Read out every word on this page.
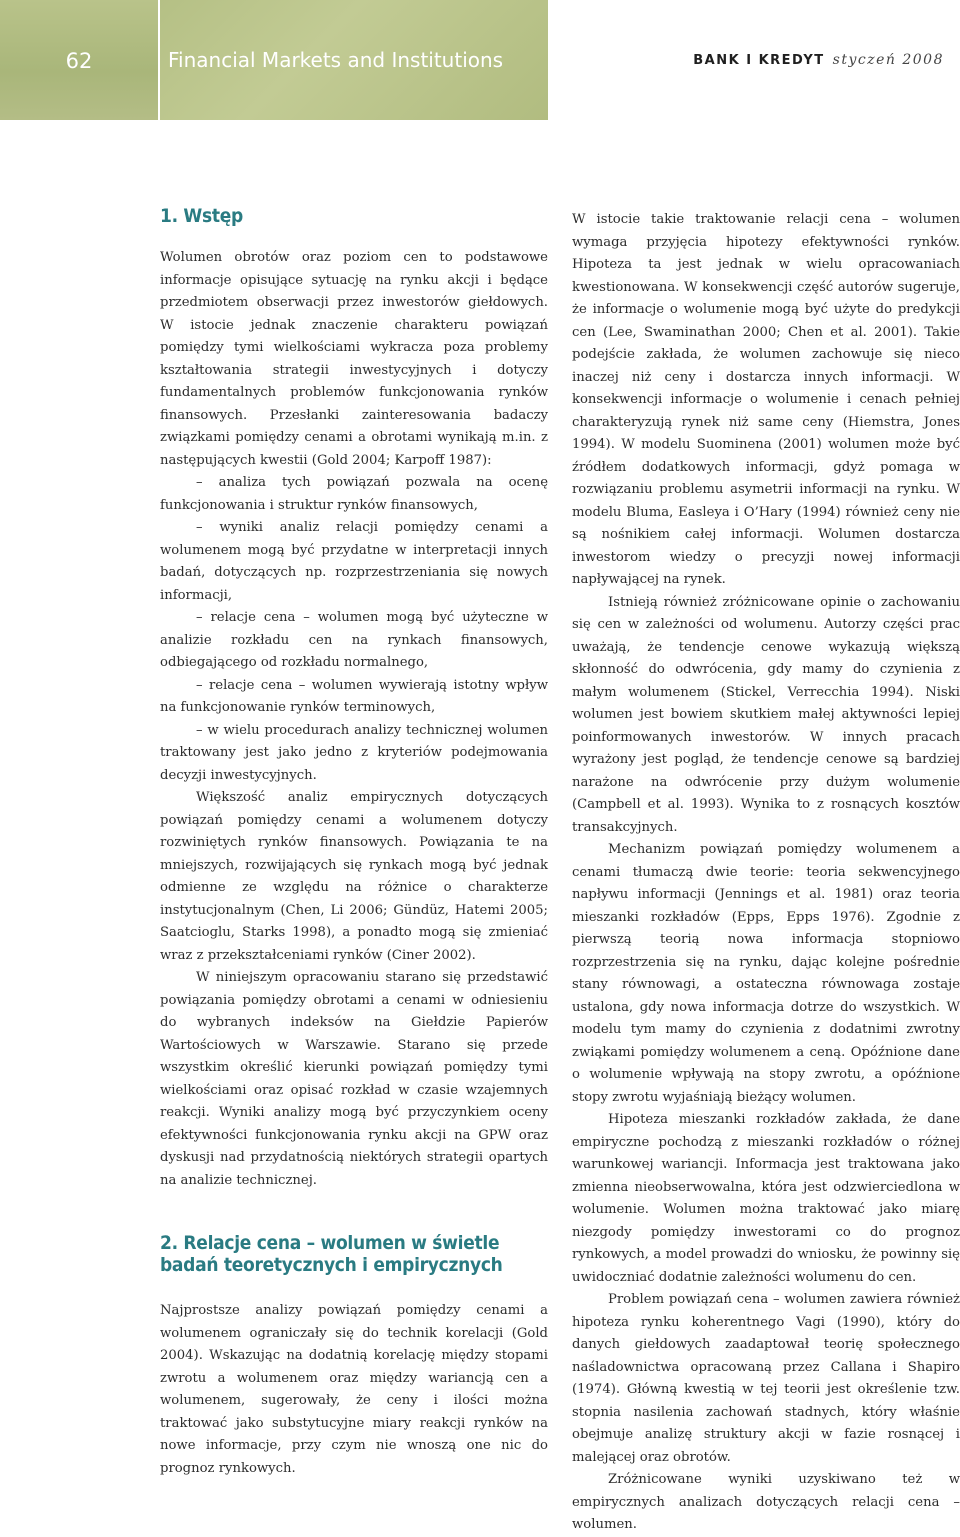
62	Financial Markets and Institutions	BANK I KREDYT styczeń 2008
1. Wstęp

Wolumen obrotów oraz poziom cen to podstawowe informacje opisujące sytuację na rynku akcji i będące przedmiotem obserwacji przez inwestorów giełdowych. W istocie jednak znaczenie charakteru powiązań pomiędzy tymi wielkościami wykracza poza problemy kształtowania strategii inwestycyjnych i dotyczy fundamentalnych problemów funkcjonowania rynków finansowych. Przesłanki zainteresowania badaczy związkami pomiędzy cenami a obrotami wynikają m.in. z następujących kwestii (Gold 2004; Karpoff 1987):

– analiza tych powiązań pozwala na ocenę funkcjonowania i struktur rynków finansowych,

– wyniki analiz relacji pomiędzy cenami a wolumenem mogą być przydatne w interpretacji innych badań, dotyczących np. rozprzestrzeniania się nowych informacji,

– relacje cena – wolumen mogą być użyteczne w analizie rozkładu cen na rynkach finansowych, odbiegającego od rozkładu normalnego,

– relacje cena – wolumen wywierają istotny wpływ na funkcjonowanie rynków terminowych,

– w wielu procedurach analizy technicznej wolumen traktowany jest jako jedno z kryteriów podejmowania decyzji inwestycyjnych.

Większość analiz empirycznych dotyczących powiązań pomiędzy cenami a wolumenem dotyczy rozwiniętych rynków finansowych. Powiązania te na mniejszych, rozwijających się rynkach mogą być jednak odmienne ze względu na różnice o charakterze instytucjonalnym (Chen, Li 2006; Gündüz, Hatemi 2005; Saatcioglu, Starks 1998), a ponadto mogą się zmieniać wraz z przekształceniami rynków (Ciner 2002).

W niniejszym opracowaniu starano się przedstawić powiązania pomiędzy obrotami a cenami w odniesieniu do wybranych indeksów na Giełdzie Papierów Wartościowych w Warszawie. Starano się przede wszystkim określić kierunki powiązań pomiędzy tymi wielkościami oraz opisać rozkład w czasie wzajemnych reakcji. Wyniki analizy mogą być przyczynkiem oceny efektywności funkcjonowania rynku akcji na GPW oraz dyskusji nad przydatnością niektórych strategii opartych na analizie technicznej.

2. Relacje cena – wolumen w świetle badań teoretycznych i empirycznych

Najprostsze analizy powiązań pomiędzy cenami a wolumenem ograniczały się do technik korelacji (Gold 2004). Wskazując na dodatnią korelację między stopami zwrotu a wolumenem oraz między wariancją cen a wolumenem, sugerowały, że ceny i ilości można traktować jako substytucyjne miary reakcji rynków na nowe informacje, przy czym nie wnoszą one nic do prognoz rynkowych.

W istocie takie traktowanie relacji cena – wolumen wymaga przyjęcia hipotezy efektywności rynków. Hipoteza ta jest jednak w wielu opracowaniach kwestionowana. W konsekwencji część autorów sugeruje, że informacje o wolumenie mogą być użyte do predykcji cen (Lee, Swaminathan 2000; Chen et al. 2001). Takie podejście zakłada, że wolumen zachowuje się nieco inaczej niż ceny i dostarcza innych informacji. W konsekwencji informacje o wolumenie i cenach pełniej charakteryzują rynek niż same ceny (Hiemstra, Jones 1994). W modelu Suominena (2001) wolumen może być źródłem dodatkowych informacji, gdyż pomaga w rozwiązaniu problemu asymetrii informacji na rynku. W modelu Bluma, Easleya i O’Hary (1994) również ceny nie są nośnikiem całej informacji. Wolumen dostarcza inwestorom wiedzy o precyzji nowej informacji napływającej na rynek.

Istnieją również zróżnicowane opinie o zachowaniu się cen w zależności od wolumenu. Autorzy części prac uważają, że tendencje cenowe wykazują większą skłonność do odwrócenia, gdy mamy do czynienia z małym wolumenem (Stickel, Verrecchia 1994). Niski wolumen jest bowiem skutkiem małej aktywności lepiej poinformowanych inwestorów. W innych pracach wyrażony jest pogląd, że tendencje cenowe są bardziej narażone na odwrócenie przy dużym wolumenie (Campbell et al. 1993). Wynika to z rosnących kosztów transakcyjnych.

Mechanizm powiązań pomiędzy wolumenem a cenami tłumaczą dwie teorie: teoria sekwencyjnego napływu informacji (Jennings et al. 1981) oraz teoria mieszanki rozkładów (Epps, Epps 1976). Zgodnie z pierwszą teorią nowa informacja stopniowo rozprzestrzenia się na rynku, dając kolejne pośrednie stany równowagi, a ostateczna równowaga zostaje ustalona, gdy nowa informacja dotrze do wszystkich. W modelu tym mamy do czynienia z dodatnimi zwrotny zwiąkami pomiędzy wolumenem a ceną. Opóźnione dane o wolumenie wpływają na stopy zwrotu, a opóźnione stopy zwrotu wyjaśniają bieżący wolumen.

Hipoteza mieszanki rozkładów zakłada, że dane empiryczne pochodzą z mieszanki rozkładów o różnej warunkowej wariancji. Informacja jest traktowana jako zmienna nieobserwowalna, która jest odzwierciedlona w wolumenie. Wolumen można traktować jako miarę niezgody pomiędzy inwestorami co do prognoz rynkowych, a model prowadzi do wniosku, że powinny się uwidoczniać dodatnie zależności wolumenu do cen.

Problem powiązań cena – wolumen zawiera również hipoteza rynku koherentnego Vagi (1990), który do danych giełdowych zaadaptował teorię społecznego naśladownictwa opracowaną przez Callana i Shapiro (1974). Główną kwestią w tej teorii jest określenie tzw. stopnia nasilenia zachowań stadnych, który właśnie obejmuje analizę struktury akcji w fazie rosnącej i malejącej oraz obrotów.

Zróżnicowane wyniki uzyskiwano też w empirycznych analizach dotyczących relacji cena – wolumen.
